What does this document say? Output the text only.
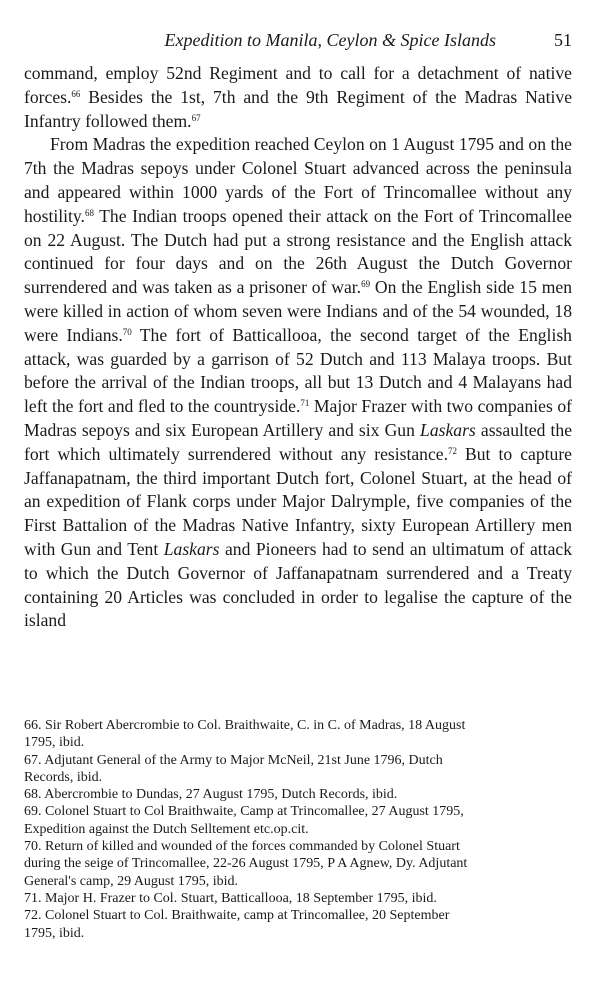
Expedition to Manila, Ceylon & Spice Islands	51

command, employ 52nd Regiment and to call for a detachment of native forces.$^{66}$ Besides the 1st, 7th and the 9th Regiment of the Madras Native Infantry followed them.$^{67}$

From Madras the expedition reached Ceylon on 1 August 1795 and on the 7th the Madras sepoys under Colonel Stuart advanced across the peninsula and appeared within 1000 yards of the Fort of Trincomallee without any hostility.$^{68}$ The Indian troops opened their attack on the Fort of Trincomallee on 22 August. The Dutch had put a strong resistance and the English attack continued for four days and on the 26th August the Dutch Governor surrendered and was taken as a prisoner of war.$^{69}$ On the English side 15 men were killed in action of whom seven were Indians and of the 54 wounded, 18 were Indians.$^{70}$ The fort of Batticallooa, the second target of the English attack, was guarded by a garrison of 52 Dutch and 113 Malaya troops. But before the arrival of the Indian troops, all but 13 Dutch and 4 Malayans had left the fort and fled to the countryside.$^{71}$ Major Frazer with two companies of Madras sepoys and six European Artillery and six Gun Laskars assaulted the fort which ultimately surrendered without any resistance.$^{72}$ But to capture Jaffanapatnam, the third important Dutch fort, Colonel Stuart, at the head of an expedition of Flank corps under Major Dalrymple, five companies of the First Battalion of the Madras Native Infantry, sixty European Artillery men with Gun and Tent Laskars and Pioneers had to send an ultimatum of attack to which the Dutch Governor of Jaffanapatnam surrendered and a Treaty containing 20 Articles was concluded in order to legalise the capture of the island

66. Sir Robert Abercrombie to Col. Braithwaite, C. in C. of Madras, 18 August
1795, ibid.

67. Adjutant General of the Army to Major McNeil, 21st June 1796, Dutch
Records, ibid.

68. Abercrombie to Dundas, 27 August 1795, Dutch Records, ibid.

69. Colonel Stuart to Col Braithwaite, Camp at Trincomallee, 27 August 1795,
Expedition against the Dutch Selltement etc.op.cit.

70. Return of killed and wounded of the forces commanded by Colonel Stuart
during the seige of Trincomallee, 22-26 August 1795, P A Agnew, Dy. Adjutant
General's camp, 29 August 1795, ibid.

71. Major H. Frazer to Col. Stuart, Batticallooa, 18 September 1795, ibid.

72. Colonel Stuart to Col. Braithwaite, camp at Trincomallee, 20 September
1795, ibid.
